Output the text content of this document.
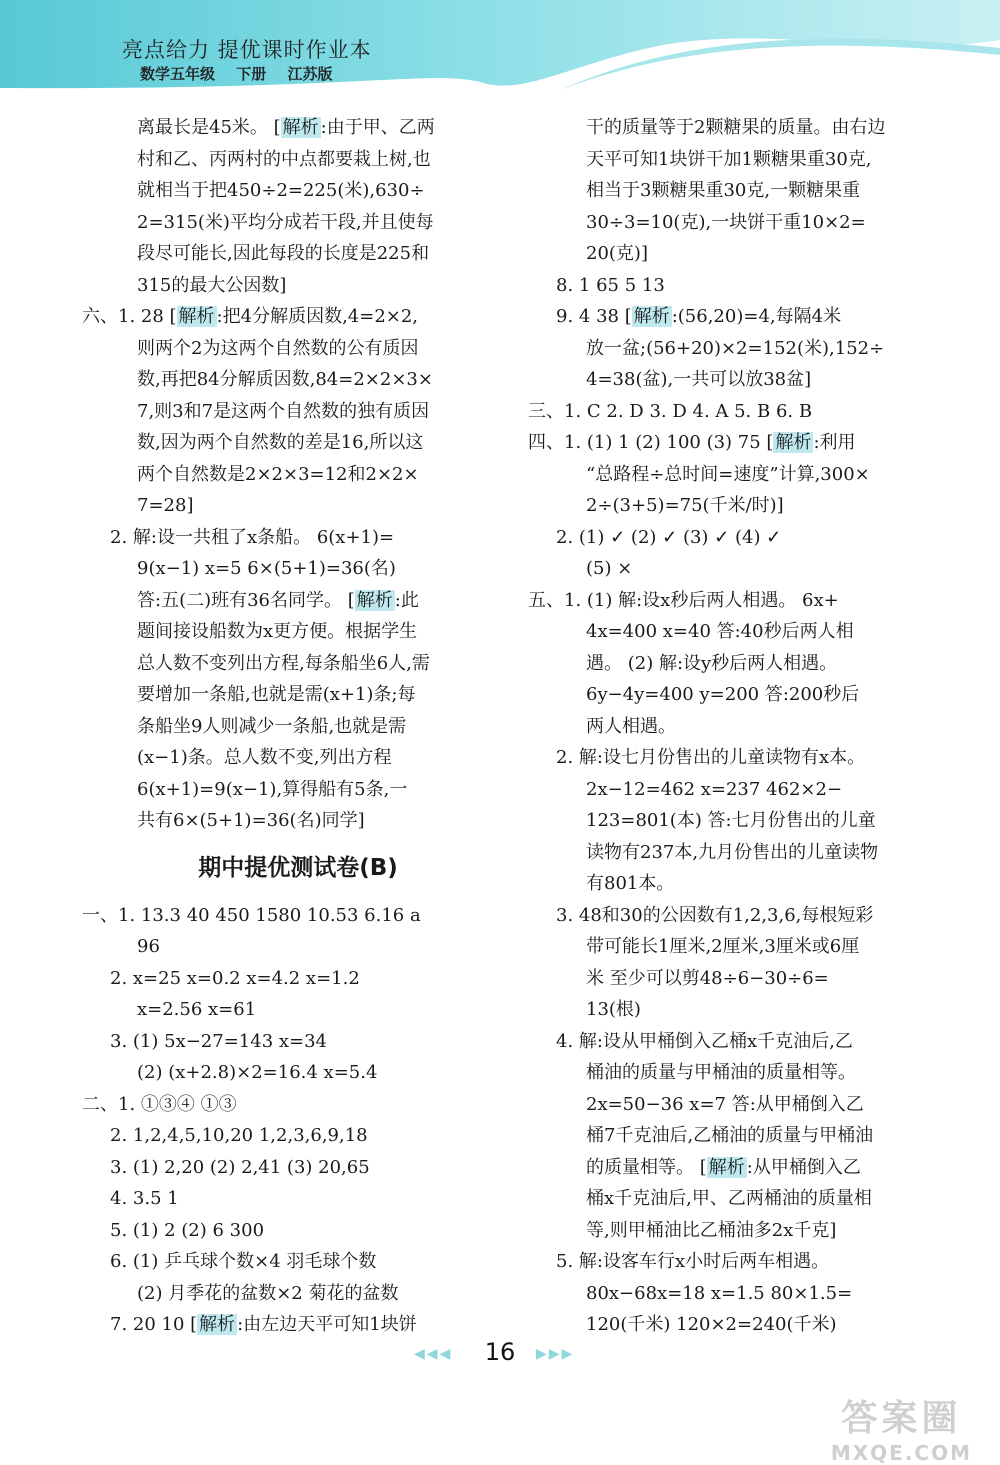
亮点给力 提优课时作业本
数学五年级 下册 江苏版
离最长是45米。 [ 解析 :由于甲、乙两
村和乙、丙两村的中点都要栽上树,也
就相当于把450÷2=225(米),630÷
2=315(米)平均分成若干段,并且使每
段尽可能长,因此每段的长度是225和
315的最大公因数]
六、1. 28 [ 解析 :把4分解质因数,4=2×2,
则两个2为这两个自然数的公有质因
数,再把84分解质因数,84=2×2×3×
7,则3和7是这两个自然数的独有质因
数,因为两个自然数的差是16,所以这
两个自然数是2×2×3=12和2×2×
7=28]
2. 解:设一共租了x条船。 6(x+1)=
9(x−1) x=5 6×(5+1)=36(名)
答:五(二)班有36名同学。 [ 解析 :此
题间接设船数为x更方便。根据学生
总人数不变列出方程,每条船坐6人,需
要增加一条船,也就是需(x+1)条;每
条船坐9人则减少一条船,也就是需
(x−1)条。总人数不变,列出方程
6(x+1)=9(x−1),算得船有5条,一
共有6×(5+1)=36(名)同学]
期中提优测试卷(B)
一、1. 13.3 40 450 1580 10.53 6.16 a
96
2. x=25 x=0.2 x=4.2 x=1.2
x=2.56 x=61
3. (1) 5x−27=143 x=34
(2) (x+2.8)×2=16.4 x=5.4
二、1. ①③④ ①③
2. 1,2,4,5,10,20 1,2,3,6,9,18
3. (1) 2,20 (2) 2,41 (3) 20,65
4. 3.5 1
5. (1) 2 (2) 6 300
6. (1) 乒乓球个数×4 羽毛球个数
(2) 月季花的盆数×2 菊花的盆数
7. 20 10 [ 解析 :由左边天平可知1块饼
干的质量等于2颗糖果的质量。由右边
天平可知1块饼干加1颗糖果重30克,
相当于3颗糖果重30克,一颗糖果重
30÷3=10(克),一块饼干重10×2=
20(克)]
8. 1 65 5 13
9. 4 38 [ 解析 :(56,20)=4,每隔4米
放一盆;(56+20)×2=152(米),152÷
4=38(盆),一共可以放38盆]
三、1. C 2. D 3. D 4. A 5. B 6. B
四、1. (1) 1 (2) 100 (3) 75 [ 解析 :利用
“总路程÷总时间=速度”计算,300×
2÷(3+5)=75(千米/时)]
2. (1) ✓ (2) ✓ (3) ✓ (4) ✓
(5) ×
五、1. (1) 解:设x秒后两人相遇。 6x+
4x=400 x=40 答:40秒后两人相
遇。 (2) 解:设y秒后两人相遇。
6y−4y=400 y=200 答:200秒后
两人相遇。
2. 解:设七月份售出的儿童读物有x本。
2x−12=462 x=237 462×2−
123=801(本) 答:七月份售出的儿童
读物有237本,九月份售出的儿童读物
有801本。
3. 48和30的公因数有1,2,3,6,每根短彩
带可能长1厘米,2厘米,3厘米或6厘
米 至少可以剪48÷6−30÷6=
13(根)
4. 解:设从甲桶倒入乙桶x千克油后,乙
桶油的质量与甲桶油的质量相等。
2x=50−36 x=7 答:从甲桶倒入乙
桶7千克油后,乙桶油的质量与甲桶油
的质量相等。 [ 解析 :从甲桶倒入乙
桶x千克油后,甲、乙两桶油的质量相
等,则甲桶油比乙桶油多2x千克]
5. 解:设客车行x小时后两车相遇。
80x−68x=18 x=1.5 80×1.5=
120(千米) 120×2=240(千米)
◀◀◀	16	▶▶▶
答案圈
MXQE.COM
